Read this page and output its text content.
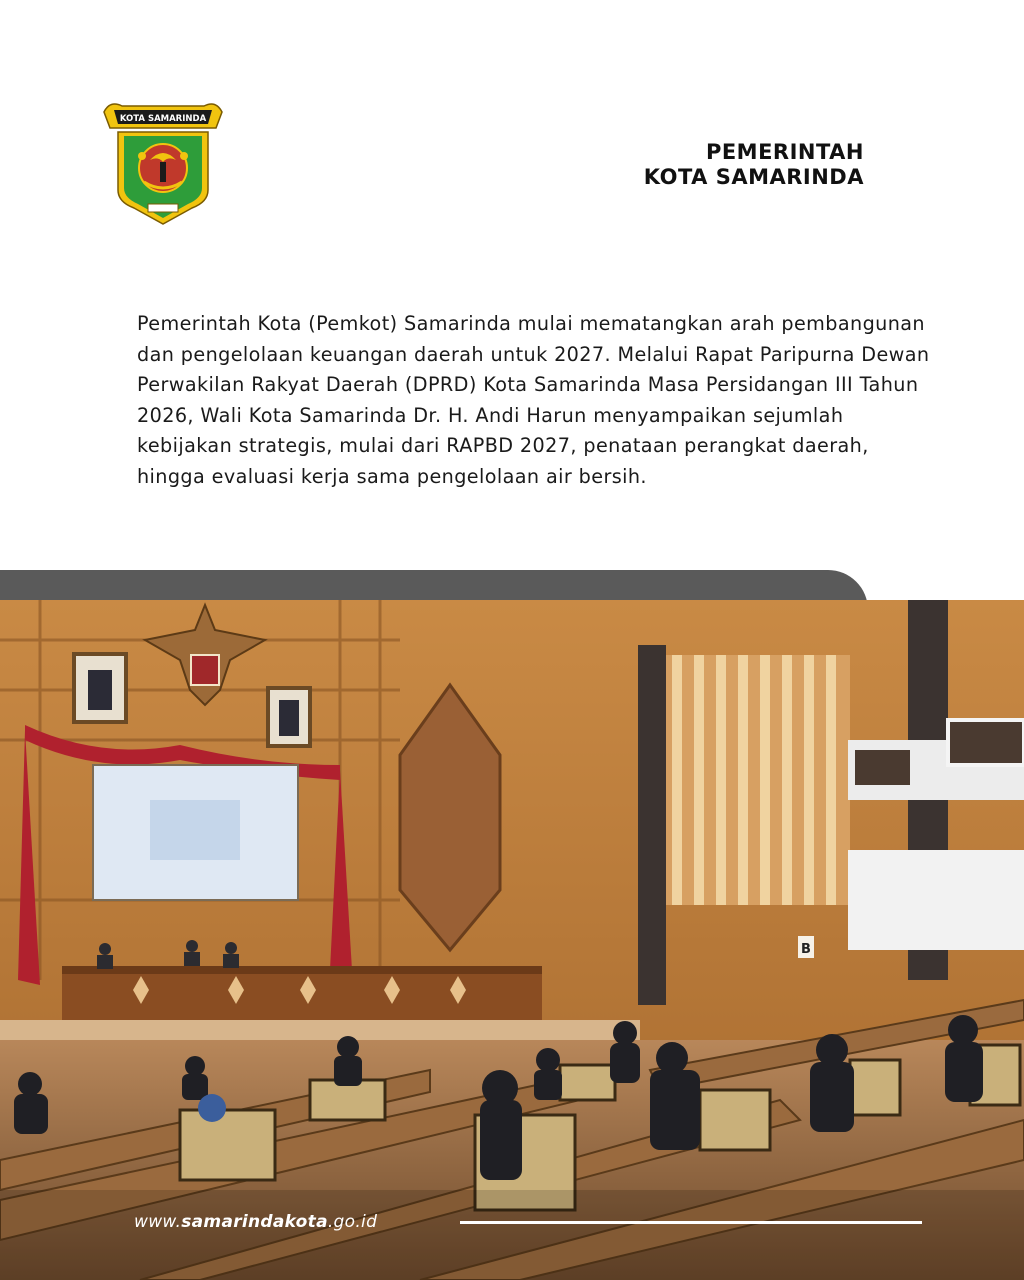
KOTA SAMARINDA
PEMERINTAH
KOTA SAMARINDA

Pemerintah Kota (Pemkot) Samarinda mulai mematangkan arah pembangunan dan pengelolaan keuangan daerah untuk 2027. Melalui Rapat Paripurna Dewan Perwakilan Rakyat Daerah (DPRD) Kota Samarinda Masa Persidangan III Tahun 2026, Wali Kota Samarinda Dr. H. Andi Harun menyampaikan sejumlah kebijakan strategis, mulai dari RAPBD 2027, penataan perangkat daerah, hingga evaluasi kerja sama pengelolaan air bersih.

B
www.samarindakota.go.id
